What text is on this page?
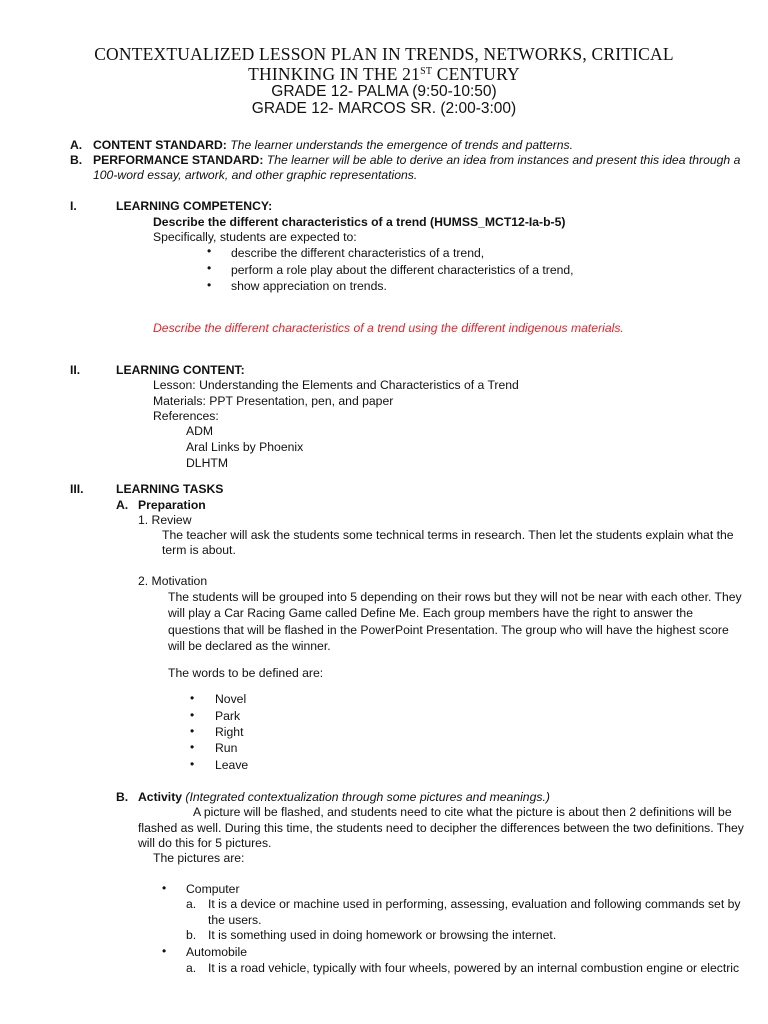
CONTEXTUALIZED LESSON PLAN IN TRENDS, NETWORKS, CRITICAL
THINKING IN THE 21ST CENTURY
GRADE 12- PALMA (9:50-10:50)
GRADE 12- MARCOS SR. (2:00-3:00)
A. CONTENT STANDARD: The learner understands the emergence of trends and patterns.
B. PERFORMANCE STANDARD: The learner will be able to derive an idea from instances and present this idea through a
100-word essay, artwork, and other graphic representations.
I.	LEARNING COMPETENCY:
Describe the different characteristics of a trend (HUMSS_MCT12-Ia-b-5)
Specifically, students are expected to:
• describe the different characteristics of a trend,
• perform a role play about the different characteristics of a trend,
• show appreciation on trends.
Describe the different characteristics of a trend using the different indigenous materials.
II.	LEARNING CONTENT:
Lesson: Understanding the Elements and Characteristics of a Trend
Materials: PPT Presentation, pen, and paper
References:
ADM
Aral Links by Phoenix
DLHTM
III.	LEARNING TASKS
A. Preparation
1. Review
The teacher will ask the students some technical terms in research. Then let the students explain what the
term is about.
2. Motivation
The students will be grouped into 5 depending on their rows but they will not be near with each other. They
will play a Car Racing Game called Define Me. Each group members have the right to answer the
questions that will be flashed in the PowerPoint Presentation. The group who will have the highest score
will be declared as the winner.
The words to be defined are:
• Novel
• Park
• Right
• Run
• Leave
B. Activity (Integrated contextualization through some pictures and meanings.)
A picture will be flashed, and students need to cite what the picture is about then 2 definitions will be
flashed as well. During this time, the students need to decipher the differences between the two definitions. They
will do this for 5 pictures.
The pictures are:
• Computer
a. It is a device or machine used in performing, assessing, evaluation and following commands set by
the users.
b. It is something used in doing homework or browsing the internet.
• Automobile
a. It is a road vehicle, typically with four wheels, powered by an internal combustion engine or electric
